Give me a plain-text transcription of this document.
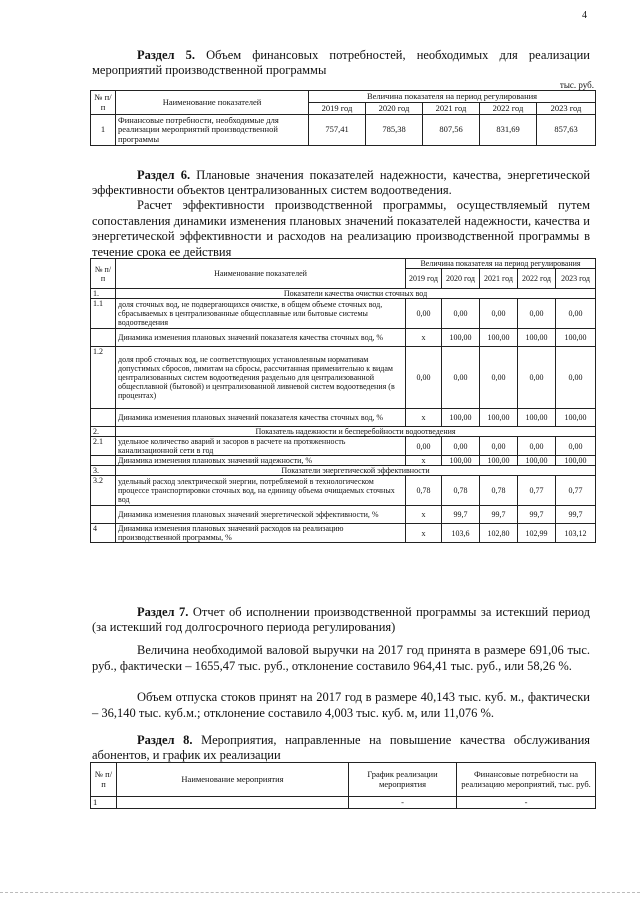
4
Раздел 5. Объем финансовых потребностей, необходимых для реализации мероприятий производственной программы
тыс. руб.
№ п/п	Наименование показателей	Величина показателя на период регулирования				
		2019 год	2020 год	2021 год	2022 год	2023 год
1	Финансовые потребности, необходимые для реализации мероприятий производственной программы	757,41	785,38	807,56	831,69	857,63
Раздел 6. Плановые значения показателей надежности, качества, энергетической эффективности объектов централизованных систем водоотведения.
Расчет эффективности производственной программы, осуществляемый путем сопоставления динамики изменения плановых значений показателей надежности, качества и энергетической эффективности и расходов на реализацию производственной программы в течение срока ее действия
№ п/п	Наименование показателей	Величина показателя на период регулирования				
		2019 год	2020 год	2021 год	2022 год	2023 год
1.	Показатели качества очистки сточных вод					
1.1	доля сточных вод, не подвергающихся очистке, в общем объеме сточных вод, сбрасываемых в централизованные общесплавные или бытовые системы водоотведения	0,00	0,00	0,00	0,00	0,00
	Динамика изменения плановых значений показателя качества сточных вод, %	х	100,00	100,00	100,00	100,00
1.2	доля проб сточных вод, не соответствующих установленным нормативам допустимых сбросов, лимитам на сбросы, рассчитанная применительно к видам централизованных систем водоотведения раздельно для централизованной общесплавной (бытовой) и централизованной ливневой систем водоотведения (в процентах)	0,00	0,00	0,00	0,00	0,00
	Динамика изменения плановых значений показателя качества сточных вод, %	х	100,00	100,00	100,00	100,00
2.	Показатель надежности и бесперебойности водоотведения					
2.1	удельное количество аварий и засоров в расчете на протяженность канализационной сети в год	0,00	0,00	0,00	0,00	0,00
	Динамика изменения плановых значений надежности, %	х	100,00	100,00	100,00	100,00
3.	Показатели энергетической эффективности					
3.2	удельный расход электрической энергии, потребляемой в технологическом процессе транспортировки сточных вод, на единицу объема очищаемых сточных вод	0,78	0,78	0,78	0,77	0,77
	Динамика изменения плановых значений энергетической эффективности, %	х	99,7	99,7	99,7	99,7
4	Динамика изменения плановых значений расходов на реализацию производственной программы, %	х	103,6	102,80	102,99	103,12
Раздел 7. Отчет об исполнении производственной программы за истекший период (за истекший год долгосрочного периода регулирования)
Величина необходимой валовой выручки на 2017 год принята в размере 691,06 тыс. руб., фактически – 1655,47 тыс. руб., отклонение составило 964,41 тыс. руб., или 58,26 %.
Объем отпуска стоков принят на 2017 год в размере 40,143 тыс. куб. м., фактически – 36,140 тыс. куб.м.; отклонение составило 4,003 тыс. куб. м, или 11,076 %.
Раздел 8. Мероприятия, направленные на повышение качества обслуживания абонентов, и график их реализации
№ п/п	Наименование мероприятия	График реализации мероприятия	Финансовые потребности на реализацию мероприятий, тыс. руб.
1		-	-
